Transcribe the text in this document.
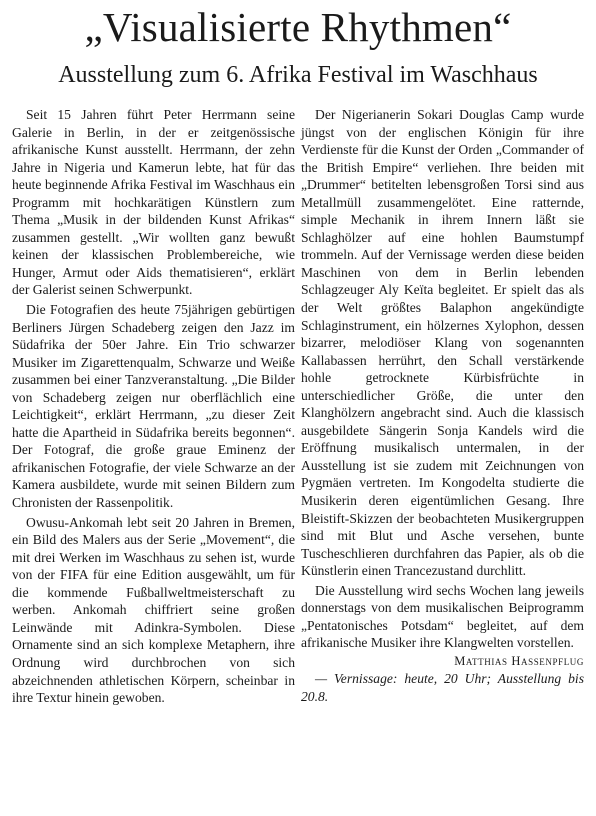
„Visualisierte Rhythmen“
Ausstellung zum 6. Afrika Festival im Waschhaus

Seit 15 Jahren führt Peter Herrmann seine Galerie in Berlin, in der er zeitgenössische afrikanische Kunst ausstellt. Herrmann, der zehn Jahre in Nigeria und Kamerun lebte, hat für das heute beginnende Afrika Festival im Waschhaus ein Programm mit hochkarätigen Künstlern zum Thema „Musik in der bildenden Kunst Afrikas“ zusammen gestellt. „Wir wollten ganz bewußt keinen der klassischen Problembereiche, wie Hunger, Armut oder Aids thematisieren“, erklärt der Galerist seinen Schwerpunkt.

Die Fotografien des heute 75jährigen gebürtigen Berliners Jürgen Schadeberg zeigen den Jazz im Südafrika der 50er Jahre. Ein Trio schwarzer Musiker im Zigarettenqualm, Schwarze und Weiße zusammen bei einer Tanzveranstaltung. „Die Bilder von Schadeberg zeigen nur oberflächlich eine Leichtigkeit“, erklärt Herrmann, „zu dieser Zeit hatte die Apartheid in Südafrika bereits begonnen“. Der Fotograf, die große graue Eminenz der afrikanischen Fotografie, der viele Schwarze an der Kamera ausbildete, wurde mit seinen Bildern zum Chronisten der Rassenpolitik.

Owusu-Ankomah lebt seit 20 Jahren in Bremen, ein Bild des Malers aus der Serie „Movement“, die mit drei Werken im Waschhaus zu sehen ist, wurde von der FIFA für eine Edition ausgewählt, um für die kommende Fußballweltmeisterschaft zu werben. Ankomah chiffriert seine großen Leinwände mit Adinkra-Symbolen. Diese Ornamente sind an sich komplexe Metaphern, ihre Ordnung wird durchbrochen von sich abzeichnenden athletischen Körpern, scheinbar in ihre Textur hinein gewoben.

Der Nigerianerin Sokari Douglas Camp wurde jüngst von der englischen Königin für ihre Verdienste für die Kunst der Orden „Commander of the British Empire“ verliehen. Ihre beiden mit „Drummer“ betitelten lebensgroßen Torsi sind aus Metallmüll zusammengelötet. Eine ratternde, simple Mechanik in ihrem Innern läßt sie Schlaghölzer auf eine hohlen Baumstumpf trommeln. Auf der Vernissage werden diese beiden Maschinen von dem in Berlin lebenden Schlagzeuger Aly Keïta begleitet. Er spielt das als der Welt größtes Balaphon angekündigte Schlaginstrument, ein hölzernes Xylophon, dessen bizarrer, melodiöser Klang von sogenannten Kallabassen herrührt, den Schall verstärkende hohle getrocknete Kürbisfrüchte in unterschiedlicher Größe, die unter den Klanghölzern angebracht sind. Auch die klassisch ausgebildete Sängerin Sonja Kandels wird die Eröffnung musikalisch untermalen, in der Ausstellung ist sie zudem mit Zeichnungen von Pygmäen vertreten. Im Kongodelta studierte die Musikerin deren eigentümlichen Gesang. Ihre Bleistift-Skizzen der beobachteten Musikergruppen sind mit Blut und Asche versehen, bunte Tuscheschlieren durchfahren das Papier, als ob die Künstlerin einen Trancezustand durchlitt.

Die Ausstellung wird sechs Wochen lang jeweils donnerstags von dem musikalischen Beiprogramm „Pentatonisches Potsdam“ begleitet, auf dem afrikanische Musiker ihre Klangwelten vorstellen.

Matthias Hassenpflug

— Vernissage: heute, 20 Uhr; Ausstellung bis 20.8.
